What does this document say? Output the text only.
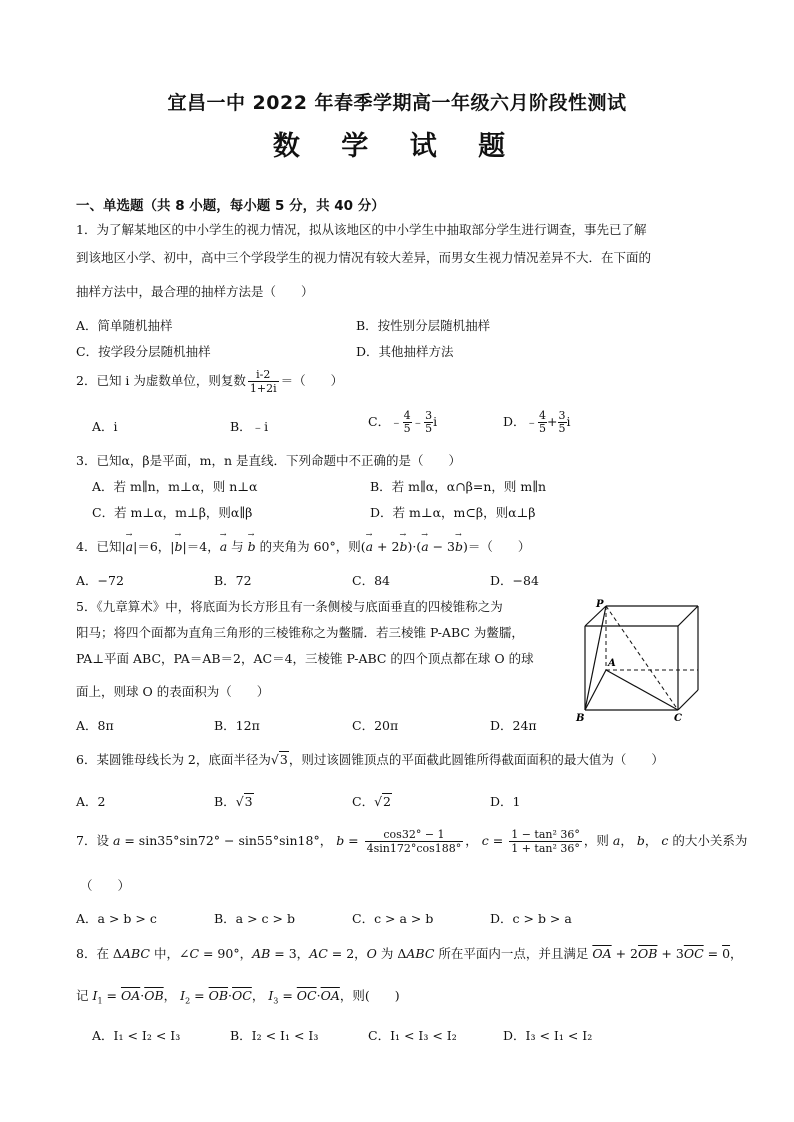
宜昌一中 2022 年春季学期高一年级六月阶段性测试
数 学 试 题
一、单选题（共 8 小题，每小题 5 分，共 40 分）
1．为了解某地区的中小学生的视力情况，拟从该地区的中小学生中抽取部分学生进行调查，事先已了解
到该地区小学、初中，高中三个学段学生的视力情况有较大差异，而男女生视力情况差异不大．在下面的
抽样方法中，最合理的抽样方法是（　　）
A．简单随机抽样	B．按性别分层随机抽样
C．按学段分层随机抽样	D．其他抽样方法
2．已知 i 为虚数单位，则复数 $\frac{i-2}{1+2i}$ ＝（　　）
A．i	B．﹣i	C．﹣ $\frac{4}{5}$ ﹣ $\frac{3}{5}$ i	D．﹣ $\frac{4}{5} + \frac{3}{5}$ i
3．已知α，β是平面，m，n 是直线．下列命题中不正确的是（　　）
A．若 m∥n，m⊥α，则 n⊥α	B．若 m∥α，α∩β=n，则 m∥n
C．若 m⊥α，m⊥β，则α∥β	D．若 m⊥α，m⊂β，则α⊥β
4．已知|→ a|＝6，|→ b|＝4，→ a 与 → b 的夹角为 60°，则(→ a + 2→ b)·(→ a − 3→ b)＝（　　）
A．−72	B．72	C．84	D．−84
5．《九章算术》中，将底面为长方形且有一条侧棱与底面垂直的四棱锥称之为
阳马；将四个面都为直角三角形的三棱锥称之为鳖臑．若三棱锥 P-ABC 为鳖臑，
PA⊥平面 ABC，PA＝AB＝2，AC＝4，三棱锥 P-ABC 的四个顶点都在球 O 的球
面上，则球 O 的表面积为（　　）
A．8π	B．12π	C．20π	D．24π
P
A
B	C
6．某圆锥母线长为 2，底面半径为√3，则过该圆锥顶点的平面截此圆锥所得截面面积的最大值为（　　）
A．2	B．√3	C．√2	D．1
7．设 a = sin35°sin72° − sin55°sin18°， $b = \frac{\cos 32^\circ - 1}{4\sin 172^\circ\cos 188^\circ}$ ， $c = \frac{\text{1 − tan² 36°}}{\text{1 + tan² 36°}}$ ，则 a， b， c 的大小关系为
（　　）
A．a > b > c	B．a > c > b	C．c > a > b	D．c > b > a
8．在 ΔABC 中，∠C = 90°，AB = 3，AC = 2，O 为 ΔABC 所在平面内一点，并且满足 $\overline{OA} + 2\overline{OB} + 3\overline{OC} = 0$，
记 $I_1 = \overline{OA}\cdot\overline{OB}$， $I_2 = \overline{OB}\cdot\overline{OC}$， $I_3 = \overline{OC}\cdot\overline{OA}$，则(　　)
A．I₁ < I₂ < I₃	B．I₂ < I₁ < I₃	C．I₁ < I₃ < I₂	D．I₃ < I₁ < I₂
